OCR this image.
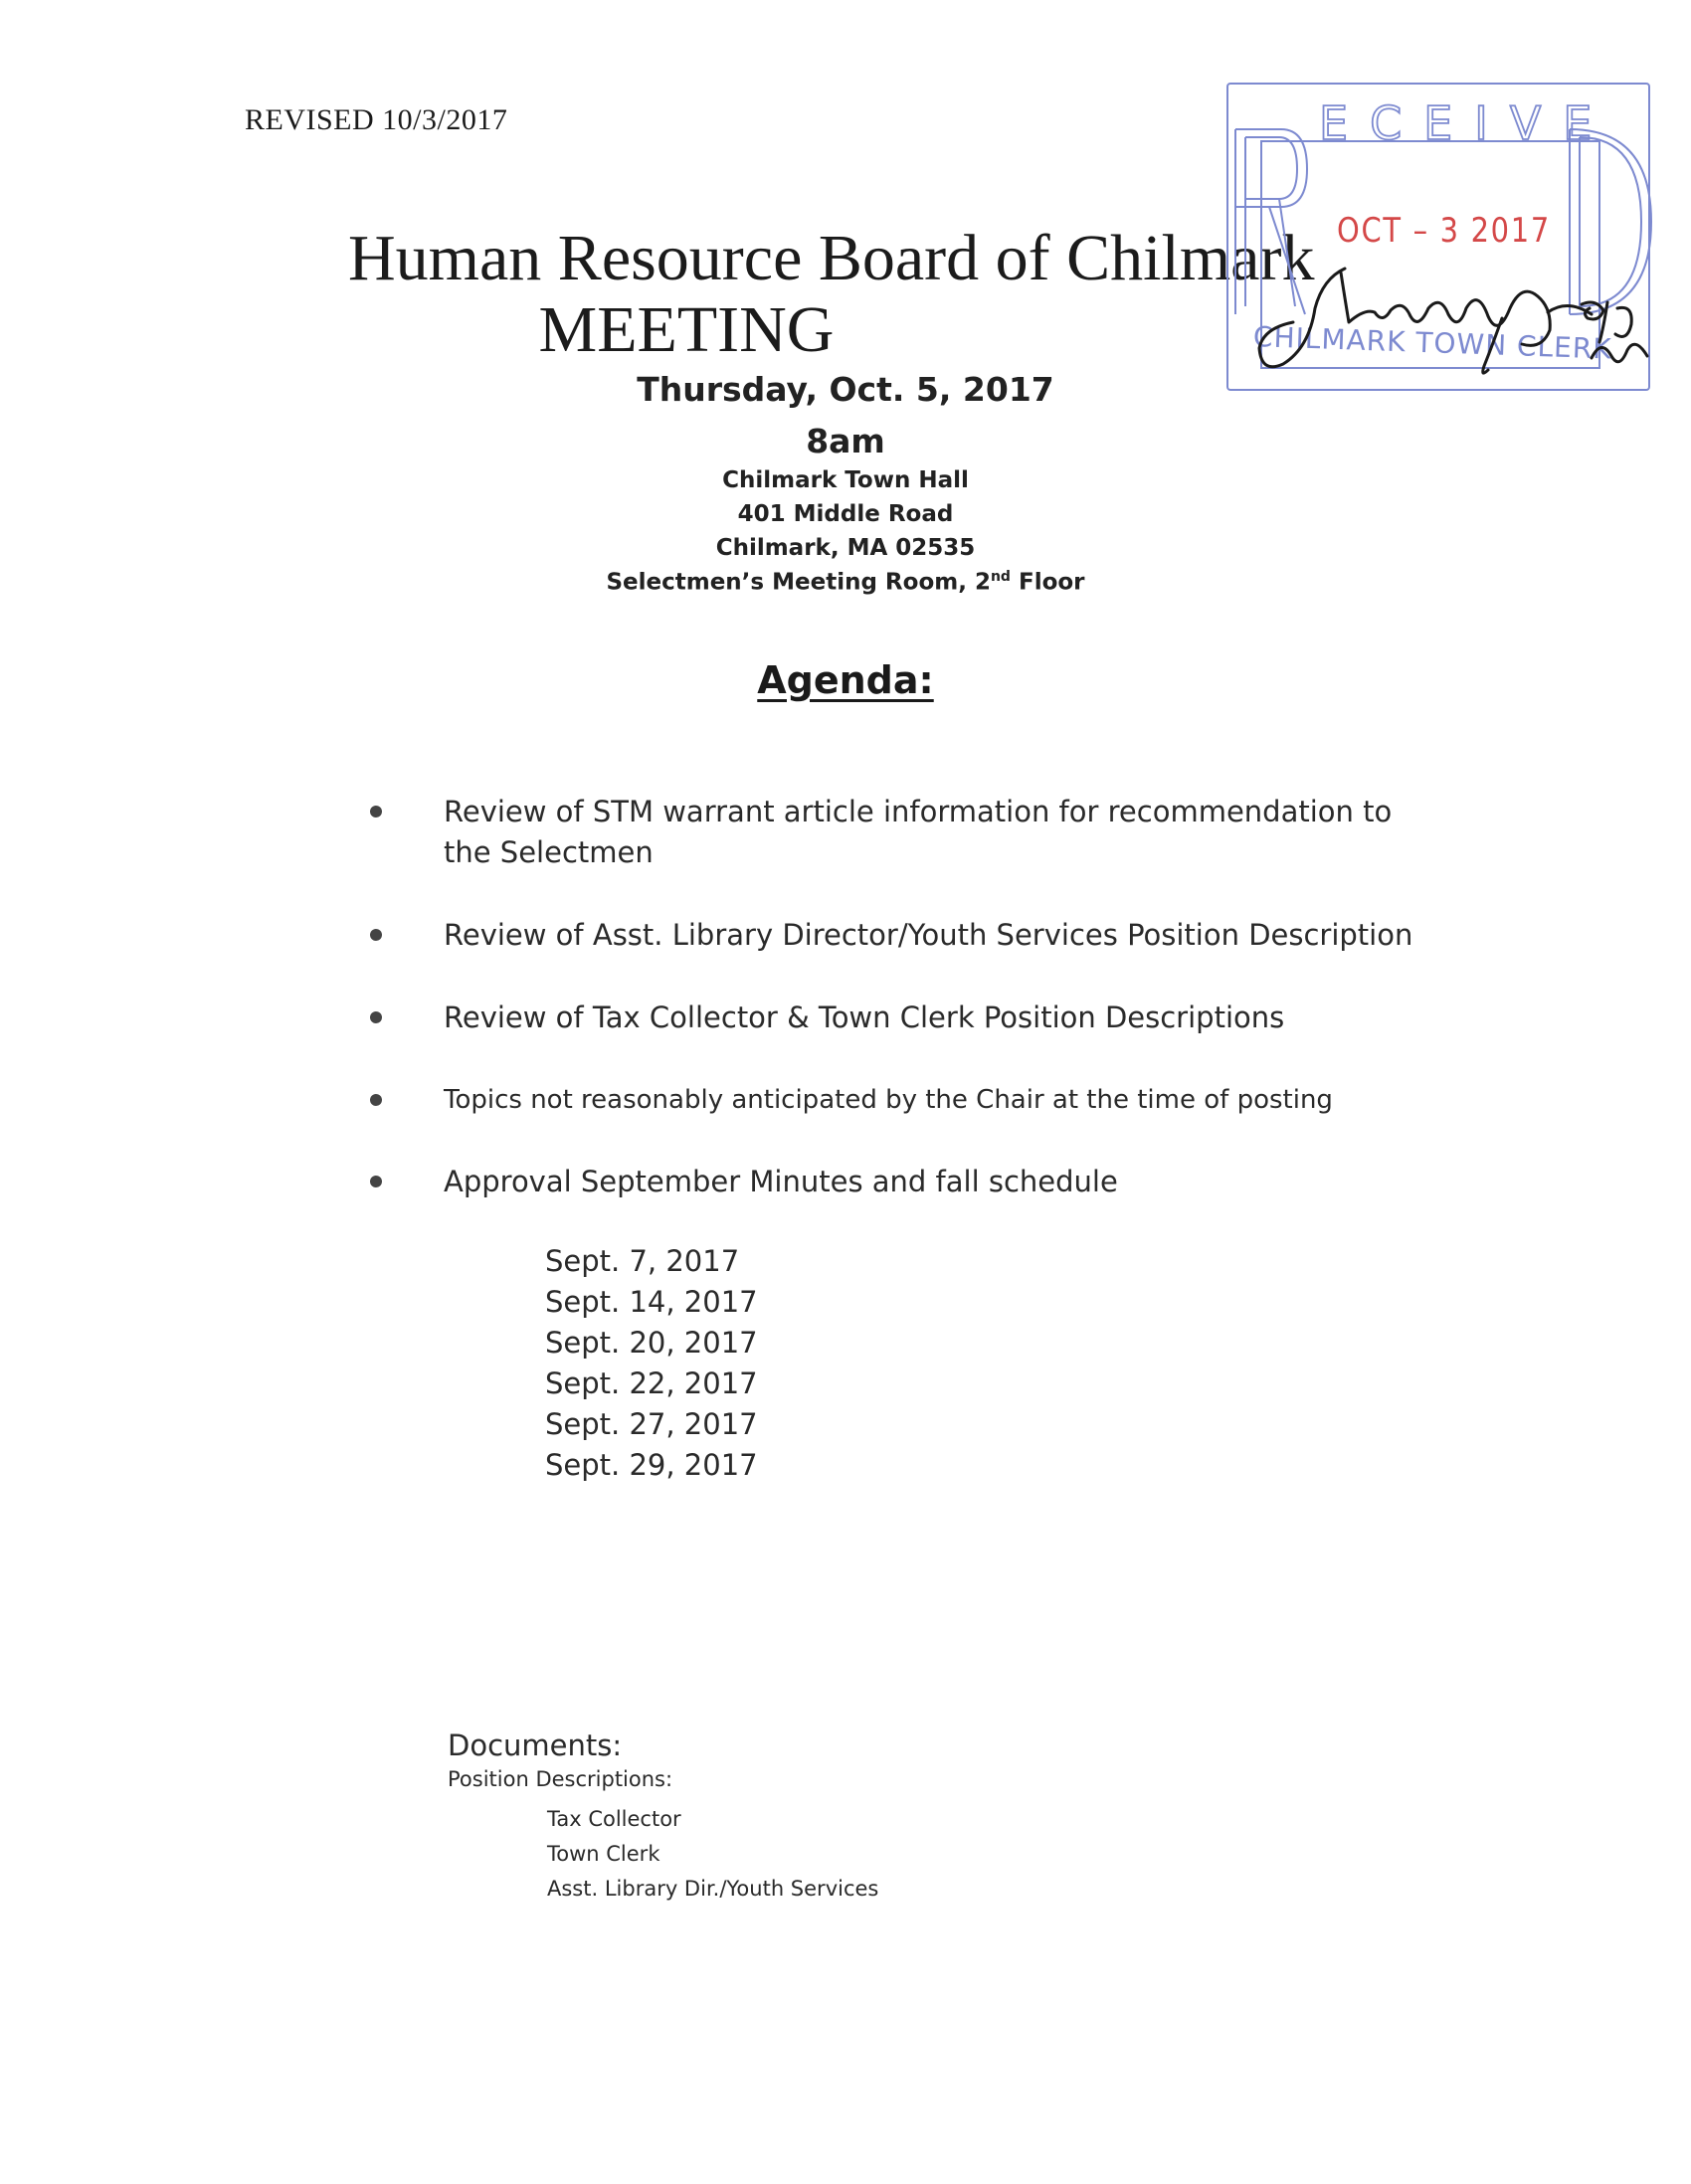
REVISED 10/3/2017
Human Resource Board of Chilmark
MEETING
Thursday, Oct. 5, 2017
8am
Chilmark Town Hall
401 Middle Road
Chilmark, MA 02535
Selectmen’s Meeting Room, 2nd Floor
Agenda:
Review of STM warrant article information for recommendation to the Selectmen
Review of Asst. Library Director/Youth Services Position Description
Review of Tax Collector & Town Clerk Position Descriptions
Topics not reasonably anticipated by the Chair at the time of posting
Approval September Minutes and fall schedule
Sept. 7, 2017
Sept. 14, 2017
Sept. 20, 2017
Sept. 22, 2017
Sept. 27, 2017
Sept. 29, 2017
Documents:
Position Descriptions:
Tax Collector
Town Clerk
Asst. Library Dir./Youth Services
ECEIVE
OCT – 3 2017
CHILMARK TOWN CLERK
